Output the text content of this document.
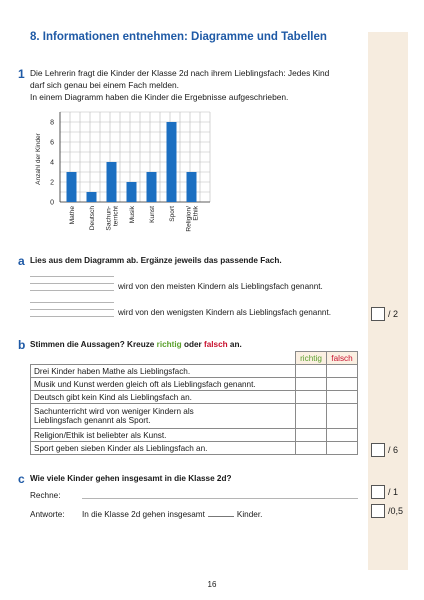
8. Informationen entnehmen: Diagramme und Tabellen
1 Die Lehrerin fragt die Kinder der Klasse 2d nach ihrem Lieblingsfach: Jedes Kind

darf sich genau bei einem Fach melden.

In einem Diagramm haben die Kinder die Ergebnisse aufgeschrieben.

0
2
4
6
8
Anzahl der Kinder
Mathe Deutsch Sachun- terricht Musik Kunst Sport Religion/ Ethik
a Lies aus dem Diagramm ab. Ergänze jeweils das passende Fach.
wird von den meisten Kindern als Lieblingsfach genannt.
wird von den wenigsten Kindern als Lieblingsfach genannt.	/ 2
b Stimmen die Aussagen? Kreuze richtig oder falsch an.
	richtig	falsch
Drei Kinder haben Mathe als Lieblingsfach.		
Musik und Kunst werden gleich oft als Lieblingsfach genannt.		
Deutsch gibt kein Kind als Lieblingsfach an.		
Sachunterricht wird von weniger Kindern als
Lieblingsfach genannt als Sport.		
Religion/Ethik ist beliebter als Kunst.		
Sport geben sieben Kinder als Lieblingsfach an.			/ 6
c Wie viele Kinder gehen insgesamt in die Klasse 2d?
Rechne:
Antworte: In die Klasse 2d gehen insgesamt	Kinder.
/ 1
/0,5
16
